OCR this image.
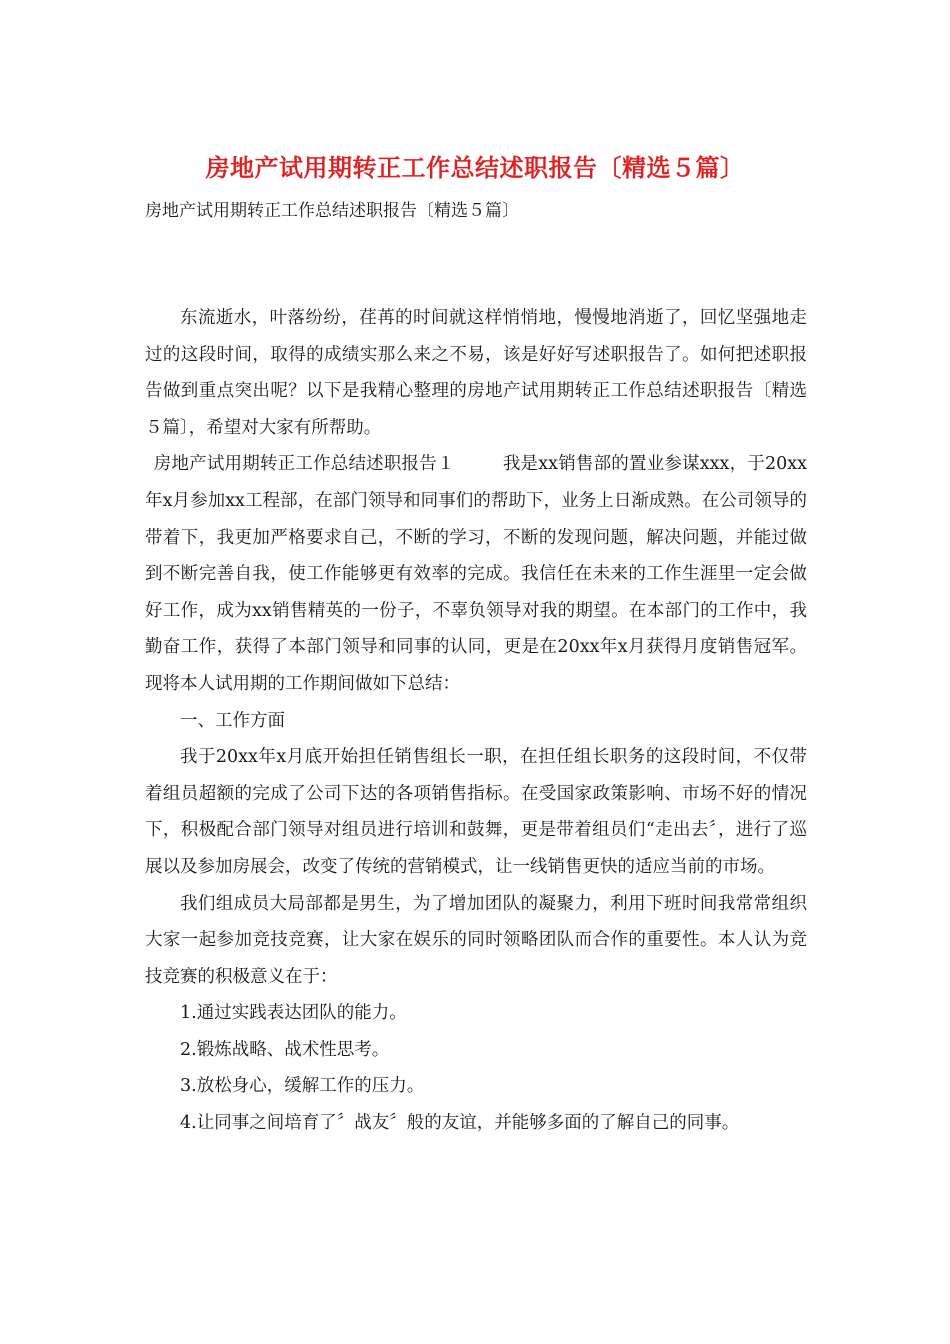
房地产试用期转正工作总结述职报告〔精选５篇〕
房地产试用期转正工作总结述职报告〔精选５篇〕

东流逝水，叶落纷纷，荏苒的时间就这样悄悄地，慢慢地消逝了，回忆坚强地走过的这段时间，取得的成绩实那么来之不易，该是好好写述职报告了。如何把述职报告做到重点突出呢？以下是我精心整理的房地产试用期转正工作总结述职报告〔精选５篇〕，希望对大家有所帮助。

房地产试用期转正工作总结述职报告１	我是xx销售部的置业参谋xxx，于20xx年x月参加xx工程部，在部门领导和同事们的帮助下，业务上日渐成熟。在公司领导的带着下，我更加严格要求自己，不断的学习，不断的发现问题，解决问题，并能过做到不断完善自我，使工作能够更有效率的完成。我信任在未来的工作生涯里一定会做好工作，成为xx销售精英的一份子，不辜负领导对我的期望。在本部门的工作中，我勤奋工作，获得了本部门领导和同事的认同，更是在20xx年x月获得月度销售冠军。现将本人试用期的工作期间做如下总结：

一、工作方面

我于20xx年x月底开始担任销售组长一职，在担任组长职务的这段时间，不仅带着组员超额的完成了公司下达的各项销售指标。在受国家政策影响、市场不好的情况下，积极配合部门领导对组员进行培训和鼓舞，更是带着组员们“走出去〞，进行了巡展以及参加房展会，改变了传统的营销模式，让一线销售更快的适应当前的市场。

我们组成员大局部都是男生，为了增加团队的凝聚力，利用下班时间我常常组织大家一起参加竞技竞赛，让大家在娱乐的同时领略团队而合作的重要性。本人认为竞技竞赛的积极意义在于：

1.通过实践表达团队的能力。

2.锻炼战略、战术性思考。

3.放松身心，缓解工作的压力。

4.让同事之间培育了〞战友〞般的友谊，并能够多面的了解自己的同事。
